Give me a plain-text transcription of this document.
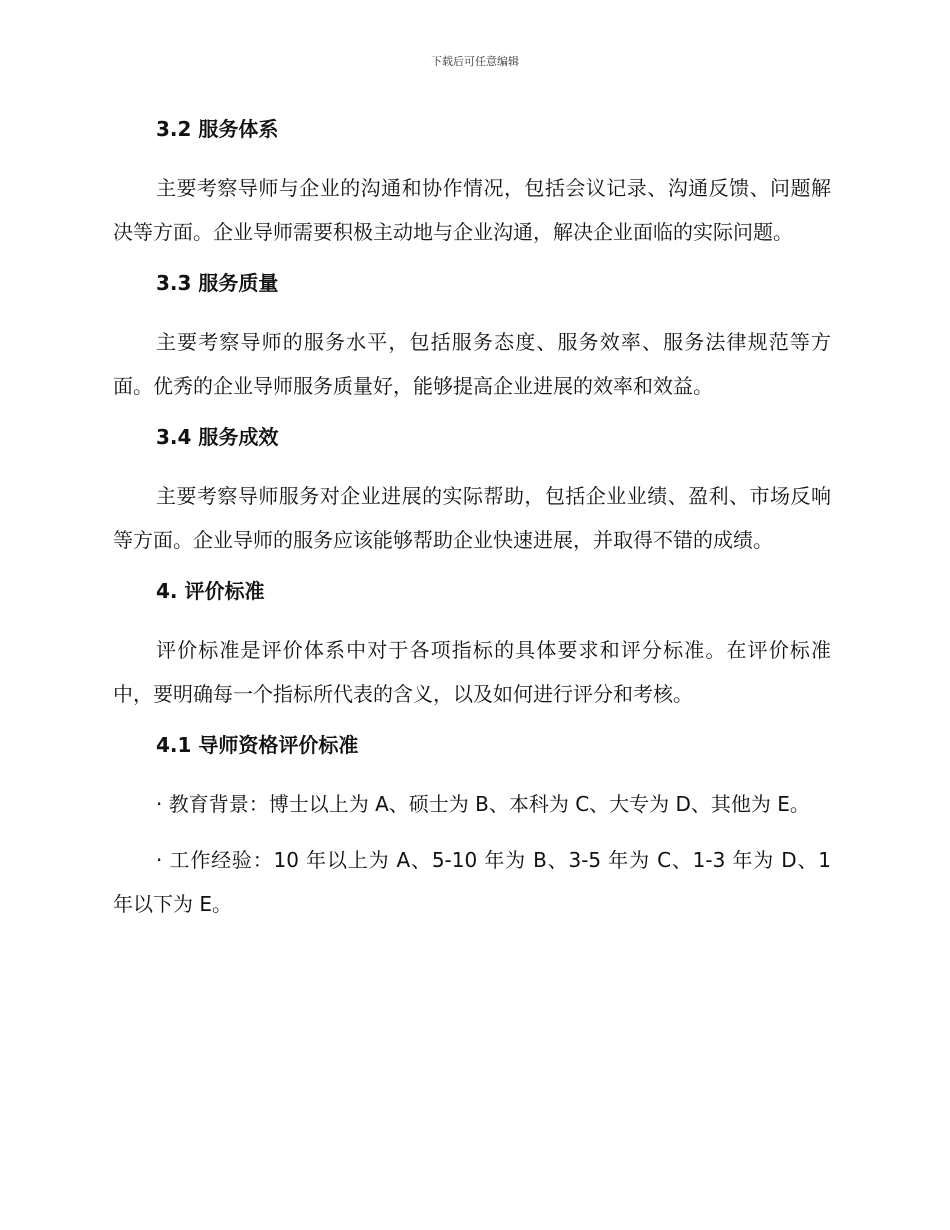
下载后可任意编辑
3.2 服务体系

主要考察导师与企业的沟通和协作情况，包括会议记录、沟通反馈、问题解决等方面。企业导师需要积极主动地与企业沟通，解决企业面临的实际问题。

3.3 服务质量

主要考察导师的服务水平，包括服务态度、服务效率、服务法律规范等方面。优秀的企业导师服务质量好，能够提高企业进展的效率和效益。

3.4 服务成效

主要考察导师服务对企业进展的实际帮助，包括企业业绩、盈利、市场反响等方面。企业导师的服务应该能够帮助企业快速进展，并取得不错的成绩。

4. 评价标准

评价标准是评价体系中对于各项指标的具体要求和评分标准。在评价标准中，要明确每一个指标所代表的含义，以及如何进行评分和考核。

4.1 导师资格评价标准

· 教育背景：博士以上为 A、硕士为 B、本科为 C、大专为 D、其他为 E。

· 工作经验：10 年以上为 A、5-10 年为 B、3-5 年为 C、1-3 年为 D、1 年以下为 E。
